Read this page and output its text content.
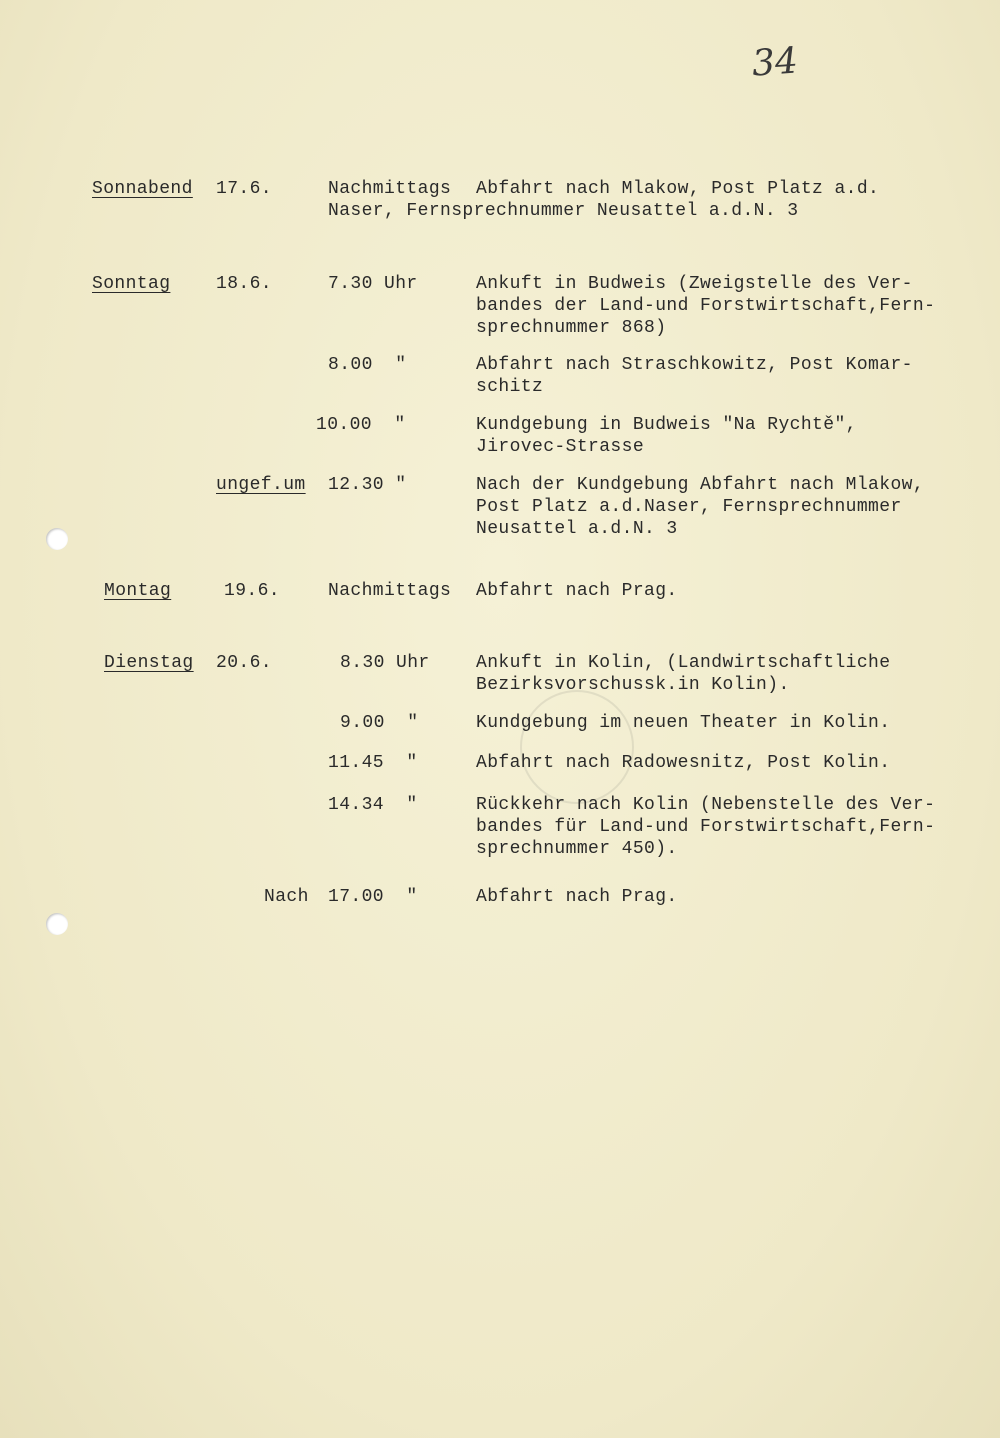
34
Sonnabend 17.6.	Nachmittags Abfahrt nach Mlakow, Post Platz a.d.
Naser, Fernsprechnummer Neusattel a.d.N. 3
Sonntag	18.6.	7.30 Uhr	Ankuft in Budweis (Zweigstelle des Ver-
bandes der Land-und Forstwirtschaft,Fern-
sprechnummer 868)
8.00  "	Abfahrt nach Straschkowitz, Post Komar-
schitz
10.00  "	Kundgebung in Budweis "Na Rychtě",
Jirovec-Strasse
ungef.um 12.30 "	Nach der Kundgebung Abfahrt nach Mlakow,
Post Platz a.d.Naser, Fernsprechnummer
Neusattel a.d.N. 3
Montag	19.6.	Nachmittags Abfahrt nach Prag.
Dienstag 20.6.	8.30 Uhr	Ankuft in Kolin, (Landwirtschaftliche
Bezirksvorschussk.in Kolin).
9.00  "	Kundgebung im neuen Theater in Kolin.
11.45  "	Abfahrt nach Radowesnitz, Post Kolin.
14.34  "	Rückkehr nach Kolin (Nebenstelle des Ver-
bandes für Land-und Forstwirtschaft,Fern-
sprechnummer 450).
Nach 17.00  "	Abfahrt nach Prag.
